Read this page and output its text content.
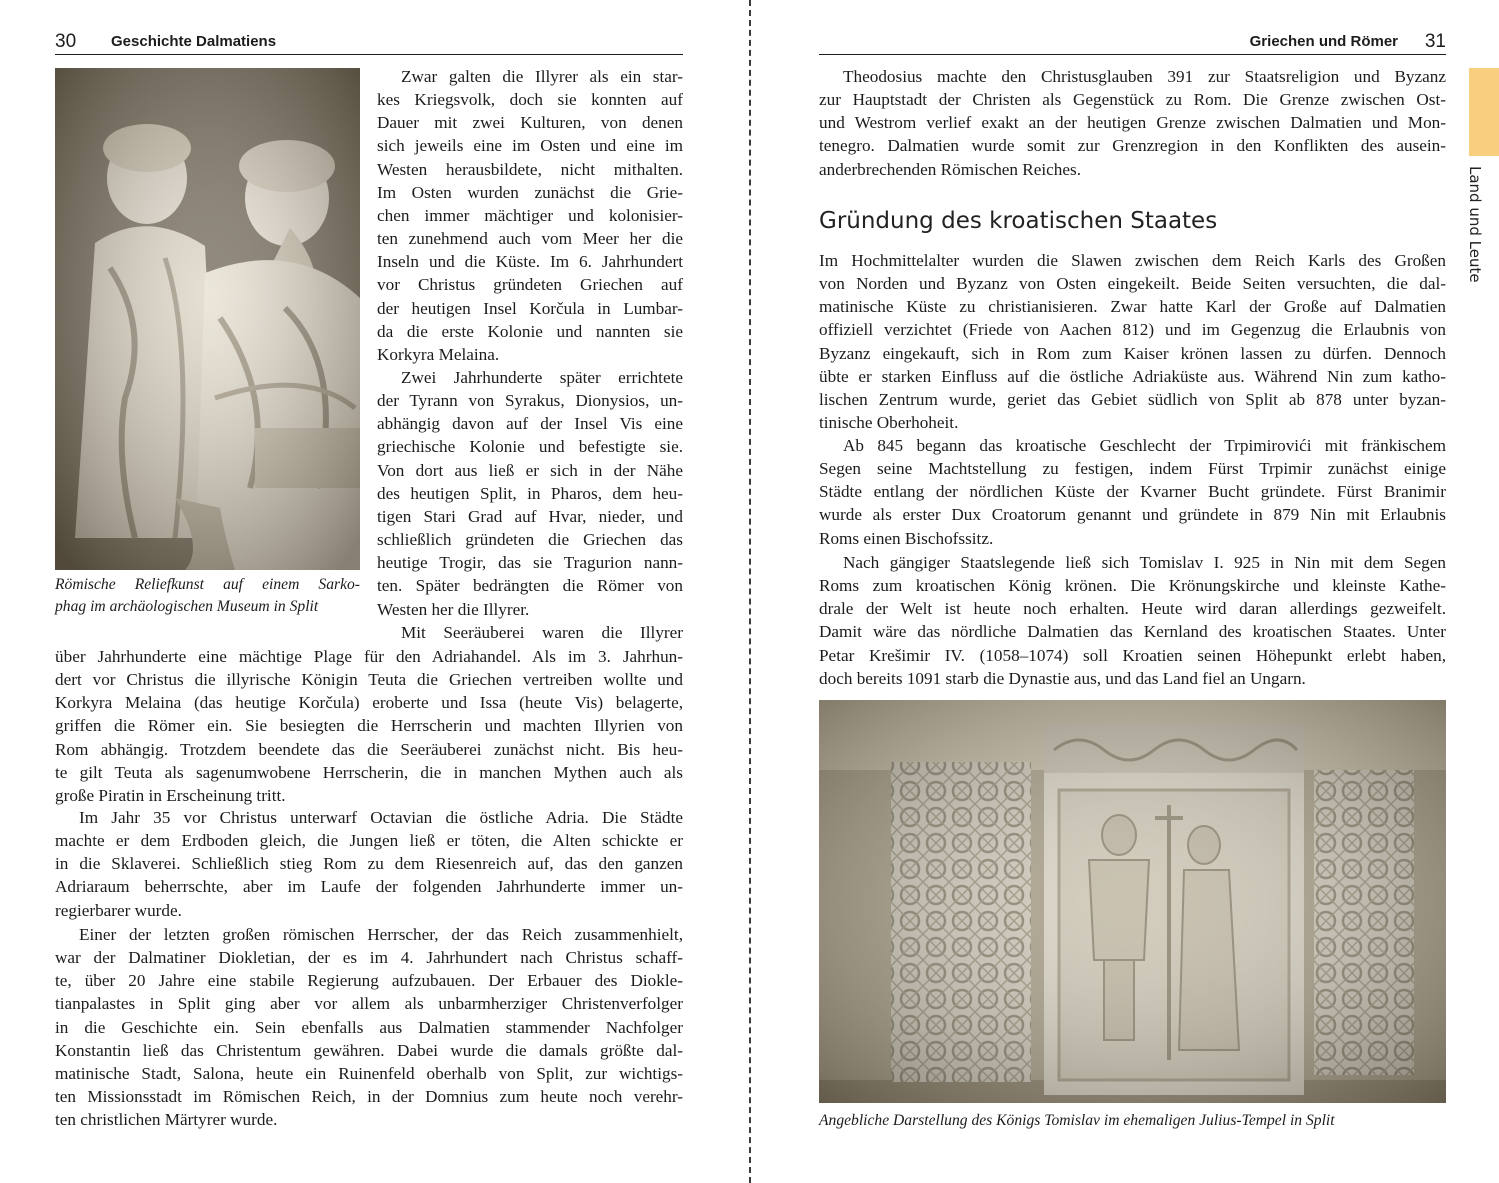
30 Geschichte Dalmatiens

Römische Reliefkunst auf einem Sarko-
phag im archäologischen Museum in Split

Zwar galten die Illyrer als ein star-
kes Kriegsvolk, doch sie konnten auf
Dauer mit zwei Kulturen, von denen
sich jeweils eine im Osten und eine im
Westen herausbildete, nicht mithalten.
Im Osten wurden zunächst die Grie-
chen immer mächtiger und kolonisier-
ten zunehmend auch vom Meer her die
Inseln und die Küste. Im 6. Jahrhundert
vor Christus gründeten Griechen auf
der heutigen Insel Korčula in Lumbar-
da die erste Kolonie und nannten sie
Korkyra Melaina.

Zwei Jahrhunderte später errichtete
der Tyrann von Syrakus, Dionysios, un-
abhängig davon auf der Insel Vis eine
griechische Kolonie und befestigte sie.
Von dort aus ließ er sich in der Nähe
des heutigen Split, in Pharos, dem heu-
tigen Stari Grad auf Hvar, nieder, und
schließlich gründeten die Griechen das
heutige Trogir, das sie Tragurion nann-
ten. Später bedrängten die Römer von
Westen her die Illyrer.

Mit Seeräuberei waren die Illyrer

über Jahrhunderte eine mächtige Plage für den Adriahandel. Als im 3. Jahrhun-
dert vor Christus die illyrische Königin Teuta die Griechen vertreiben wollte und
Korkyra Melaina (das heutige Korčula) eroberte und Issa (heute Vis) belagerte,
griffen die Römer ein. Sie besiegten die Herrscherin und machten Illyrien von
Rom abhängig. Trotzdem beendete das die Seeräuberei zunächst nicht. Bis heu-
te gilt Teuta als sagenumwobene Herrscherin, die in manchen Mythen auch als
große Piratin in Erscheinung tritt.

Im Jahr 35 vor Christus unterwarf Octavian die östliche Adria. Die Städte
machte er dem Erdboden gleich, die Jungen ließ er töten, die Alten schickte er
in die Sklaverei. Schließlich stieg Rom zu dem Riesenreich auf, das den ganzen
Adriaraum beherrschte, aber im Laufe der folgenden Jahrhunderte immer un-
regierbarer wurde.

Einer der letzten großen römischen Herrscher, der das Reich zusammenhielt,
war der Dalmatiner Diokletian, der es im 4. Jahrhundert nach Christus schaff-
te, über 20 Jahre eine stabile Regierung aufzubauen. Der Erbauer des Diokle-
tianpalastes in Split ging aber vor allem als unbarmherziger Christenverfolger
in die Geschichte ein. Sein ebenfalls aus Dalmatien stammender Nachfolger
Konstantin ließ das Christentum gewähren. Dabei wurde die damals größte dal-
matinische Stadt, Salona, heute ein Ruinenfeld oberhalb von Split, zur wichtigs-
ten Missionsstadt im Römischen Reich, in der Domnius zum heute noch verehr-
ten christlichen Märtyrer wurde.

Griechen und Römer 31
Land und Leute

Theodosius machte den Christusglauben 391 zur Staatsreligion und Byzanz
zur Hauptstadt der Christen als Gegenstück zu Rom. Die Grenze zwischen Ost-
und Westrom verlief exakt an der heutigen Grenze zwischen Dalmatien und Mon-
tenegro. Dalmatien wurde somit zur Grenzregion in den Konflikten des ausein-
anderbrechenden Römischen Reiches.

Gründung des kroatischen Staates

Im Hochmittelalter wurden die Slawen zwischen dem Reich Karls des Großen
von Norden und Byzanz von Osten eingekeilt. Beide Seiten versuchten, die dal-
matinische Küste zu christianisieren. Zwar hatte Karl der Große auf Dalmatien
offiziell verzichtet (Friede von Aachen 812) und im Gegenzug die Erlaubnis von
Byzanz eingekauft, sich in Rom zum Kaiser krönen lassen zu dürfen. Dennoch
übte er starken Einfluss auf die östliche Adriaküste aus. Während Nin zum katho-
lischen Zentrum wurde, geriet das Gebiet südlich von Split ab 878 unter byzan-
tinische Oberhoheit.

Ab 845 begann das kroatische Geschlecht der Trpimirovići mit fränkischem
Segen seine Machtstellung zu festigen, indem Fürst Trpimir zunächst einige
Städte entlang der nördlichen Küste der Kvarner Bucht gründete. Fürst Branimir
wurde als erster Dux Croatorum genannt und gründete in 879 Nin mit Erlaubnis
Roms einen Bischofssitz.

Nach gängiger Staatslegende ließ sich Tomislav I. 925 in Nin mit dem Segen
Roms zum kroatischen König krönen. Die Krönungskirche und kleinste Kathe-
drale der Welt ist heute noch erhalten. Heute wird daran allerdings gezweifelt.
Damit wäre das nördliche Dalmatien das Kernland des kroatischen Staates. Unter
Petar Krešimir IV. (1058–1074) soll Kroatien seinen Höhepunkt erlebt haben,
doch bereits 1091 starb die Dynastie aus, und das Land fiel an Ungarn.

Angebliche Darstellung des Königs Tomislav im ehemaligen Julius-Tempel in Split
